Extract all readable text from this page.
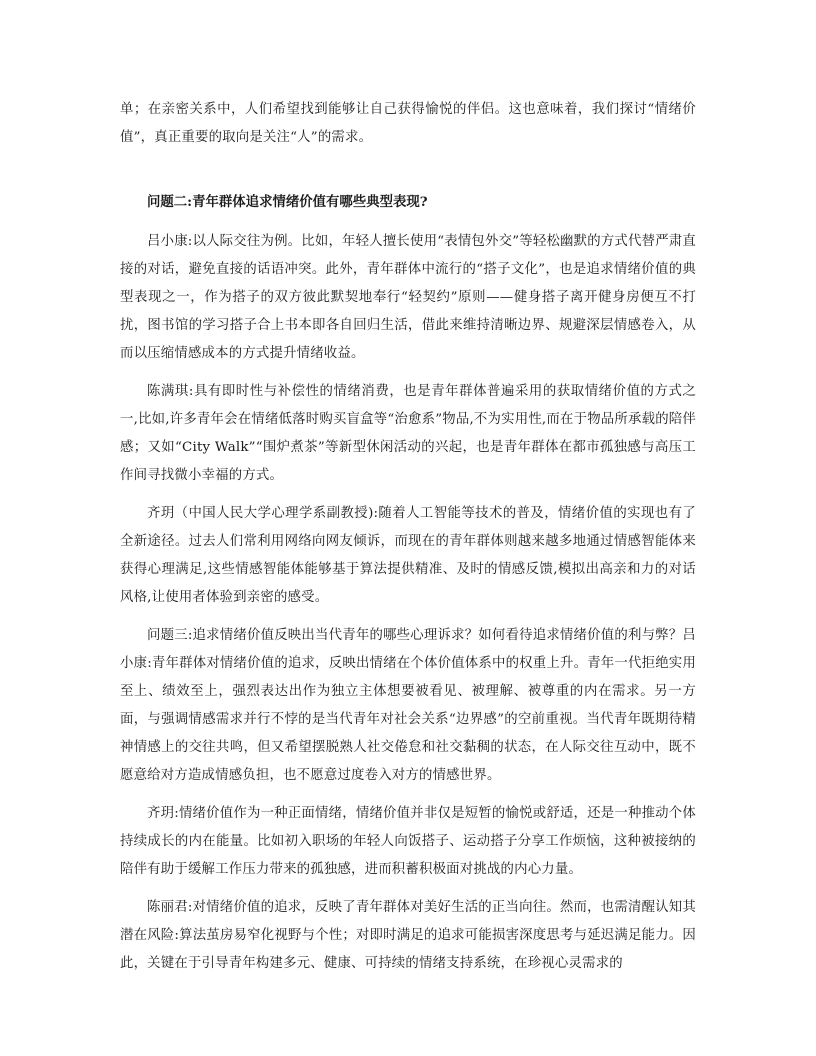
单；在亲密关系中，人们希望找到能够让自己获得愉悦的伴侣。这也意味着，我们探讨“情绪价值”，真正重要的取向是关注“人”的需求。

问题二:青年群体追求情绪价值有哪些典型表现?

吕小康:以人际交往为例。比如，年轻人擅长使用“表情包外交”等轻松幽默的方式代替严肃直接的对话，避免直接的话语冲突。此外，青年群体中流行的“搭子文化”，也是追求情绪价值的典型表现之一，作为搭子的双方彼此默契地奉行“轻契约”原则——健身搭子离开健身房便互不打扰，图书馆的学习搭子合上书本即各自回归生活，借此来维持清晰边界、规避深层情感卷入，从而以压缩情感成本的方式提升情绪收益。

陈满琪:具有即时性与补偿性的情绪消费，也是青年群体普遍采用的获取情绪价值的方式之一,比如,许多青年会在情绪低落时购买盲盒等“治愈系”物品,不为实用性,而在于物品所承载的陪伴感；又如“City Walk”“围炉煮茶”等新型休闲活动的兴起，也是青年群体在都市孤独感与高压工作间寻找微小幸福的方式。

齐玥（中国人民大学心理学系副教授):随着人工智能等技术的普及，情绪价值的实现也有了全新途径。过去人们常利用网络向网友倾诉，而现在的青年群体则越来越多地通过情感智能体来获得心理满足,这些情感智能体能够基于算法提供精准、及时的情感反馈,模拟出高亲和力的对话风格,让使用者体验到亲密的感受。

问题三:追求情绪价值反映出当代青年的哪些心理诉求？如何看待追求情绪价值的利与弊？吕小康:青年群体对情绪价值的追求，反映出情绪在个体价值体系中的权重上升。青年一代拒绝实用至上、绩效至上，强烈表达出作为独立主体想要被看见、被理解、被尊重的内在需求。另一方面，与强调情感需求并行不悖的是当代青年对社会关系“边界感”的空前重视。当代青年既期待精神情感上的交往共鸣，但又希望摆脱熟人社交倦怠和社交黏稠的状态，在人际交往互动中，既不愿意给对方造成情感负担，也不愿意过度卷入对方的情感世界。

齐玥:情绪价值作为一种正面情绪，情绪价值并非仅是短暂的愉悦或舒适，还是一种推动个体持续成长的内在能量。比如初入职场的年轻人向饭搭子、运动搭子分享工作烦恼，这种被接纳的陪伴有助于缓解工作压力带来的孤独感，进而积蓄积极面对挑战的内心力量。

陈丽君:对情绪价值的追求，反映了青年群体对美好生活的正当向往。然而，也需清醒认知其潜在风险:算法茧房易窄化视野与个性；对即时满足的追求可能损害深度思考与延迟满足能力。因此，关键在于引导青年构建多元、健康、可持续的情绪支持系统，在珍视心灵需求的
